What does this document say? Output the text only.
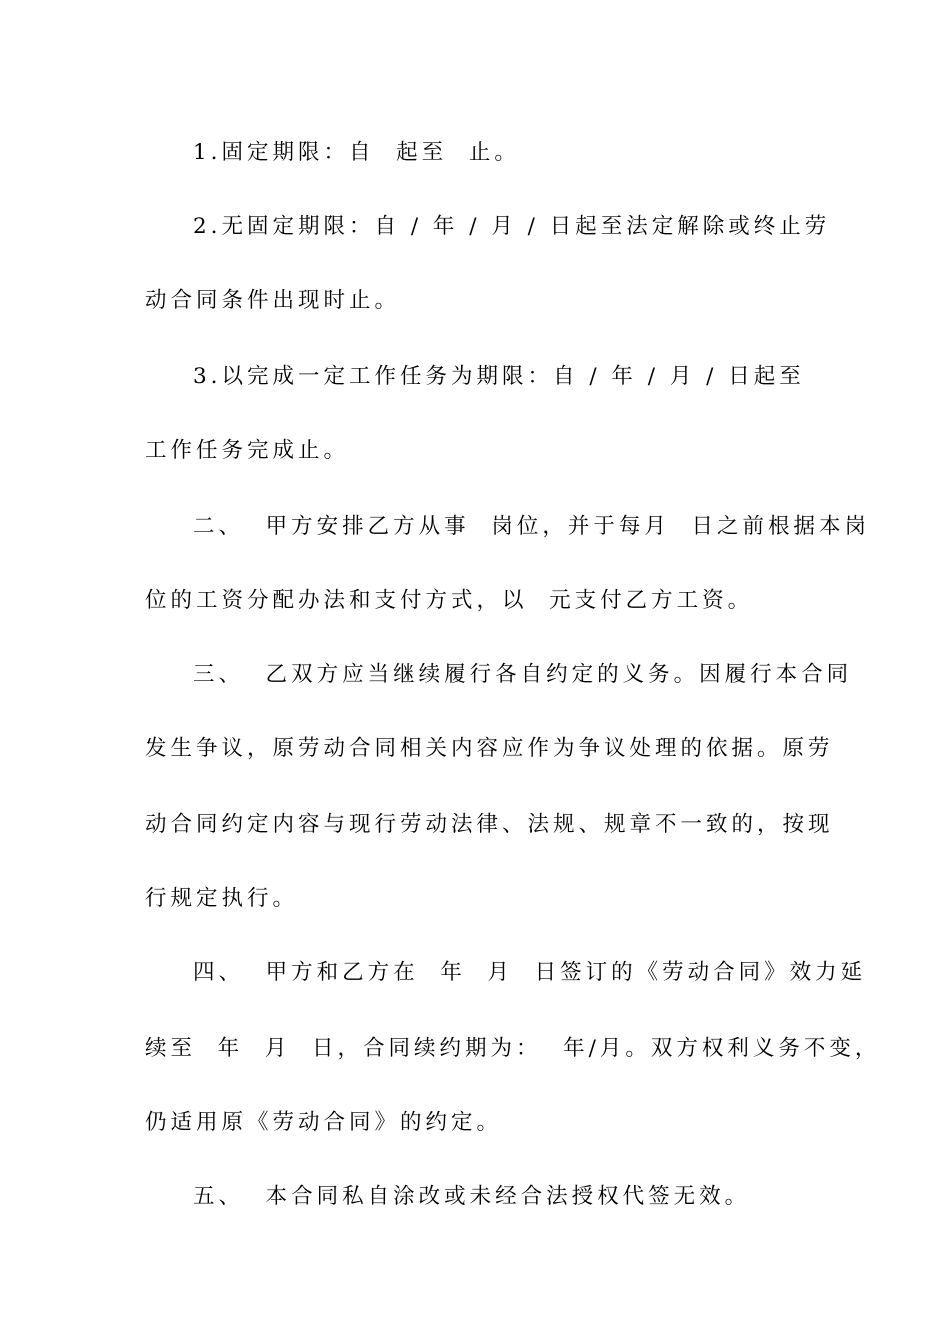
1.固定期限：自  起至  止。
2.无固定期限：自 / 年 / 月 / 日起至法定解除或终止劳
动合同条件出现时止。
3.以完成一定工作任务为期限：自 / 年 / 月 / 日起至
工作任务完成止。
二、  甲方安排乙方从事  岗位，并于每月  日之前根据本岗
位的工资分配办法和支付方式，以  元支付乙方工资。
三、  乙双方应当继续履行各自约定的义务。因履行本合同
发生争议，原劳动合同相关内容应作为争议处理的依据。原劳
动合同约定内容与现行劳动法律、法规、规章不一致的，按现
行规定执行。
四、  甲方和乙方在  年  月  日签订的《劳动合同》效力延
续至  年  月  日，合同续约期为：  年/月。双方权利义务不变，
仍适用原《劳动合同》的约定。
五、  本合同私自涂改或未经合法授权代签无效。
